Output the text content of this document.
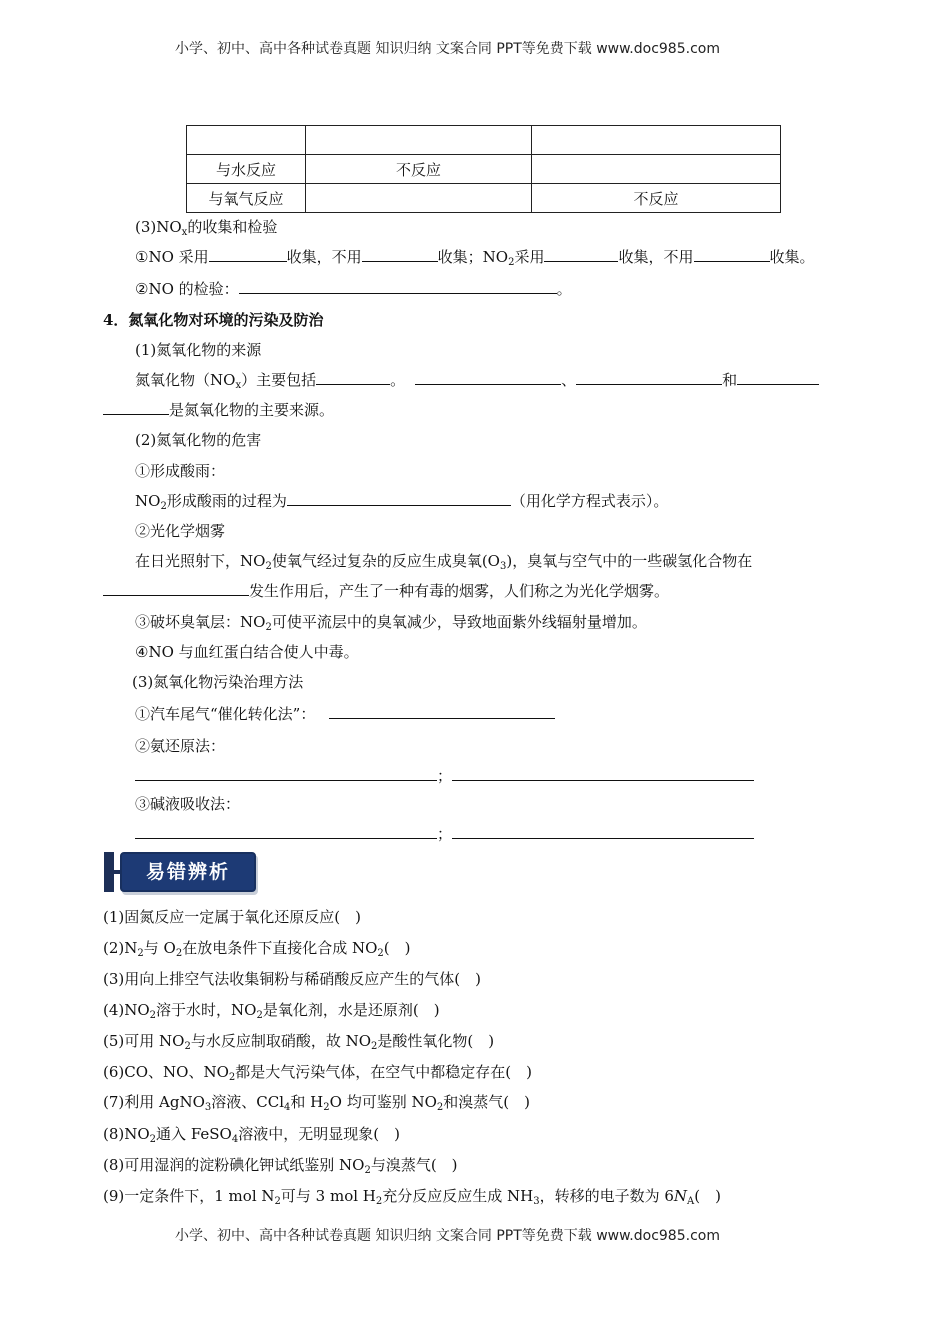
小学、初中、高中各种试卷真题 知识归纳 文案合同 PPT等免费下载 www.doc985.com

与水反应	不反应	
与氧气反应		不反应
$(3)NO_x$的收集和检验
①NO 采用	收集，不用	收集；$NO_2$采用	收集，不用	收集。
②NO 的检验：	。
4．氮氧化物对环境的污染及防治
(1)氮氧化物的来源
氮氧化物$(NO_x)$主要包括	。	、	和
是氮氧化物的主要来源。
(2)氮氧化物的危害
①形成酸雨：
$NO_2$形成酸雨的过程为	（用化学方程式表示）。
②光化学烟雾
在日光照射下，$NO_2$使氧气经过复杂的反应生成臭氧$(O_3)$，臭氧与空气中的一些碳氢化合物在
发生作用后，产生了一种有毒的烟雾，人们称之为光化学烟雾。
③破坏臭氧层：$NO_2$可使平流层中的臭氧减少，导致地面紫外线辐射量增加。
④NO 与血红蛋白结合使人中毒。
(3)氮氧化物污染治理方法
①汽车尾气“催化转化法”：
②氨还原法：
；
③碱液吸收法：
；
易错辨析
(1)固氮反应一定属于氧化还原反应(　)
$(2)N_2$与 $O_2$在放电条件下直接化合成 $NO_2$(　)
(3)用向上排空气法收集铜粉与稀硝酸反应产生的气体(　)
$(4)NO_2$溶于水时，$NO_2$是氧化剂，水是还原剂(　)
(5)可用 $NO_2$与水反应制取硝酸，故 $NO_2$是酸性氧化物(　)
(6)CO、NO、$NO_2$都是大气污染气体，在空气中都稳定存在(　)
(7)利用 AgNO$_3$溶液、CCl$_4$和 $H_2O$ 均可鉴别 $NO_2$和溴蒸气(　)
$(8)NO_2$通入 FeSO$_4$溶液中，无明显现象(　)
(8)可用湿润的淀粉碘化钾试纸鉴别 $NO_2$与溴蒸气(　)
(9)一定条件下，1 mol $N_2$可与 3 mol $H_2$充分反应反应生成 $NH_3$，转移的电子数为 $6N_A$(　)
小学、初中、高中各种试卷真题 知识归纳 文案合同 PPT等免费下载 www.doc985.com
